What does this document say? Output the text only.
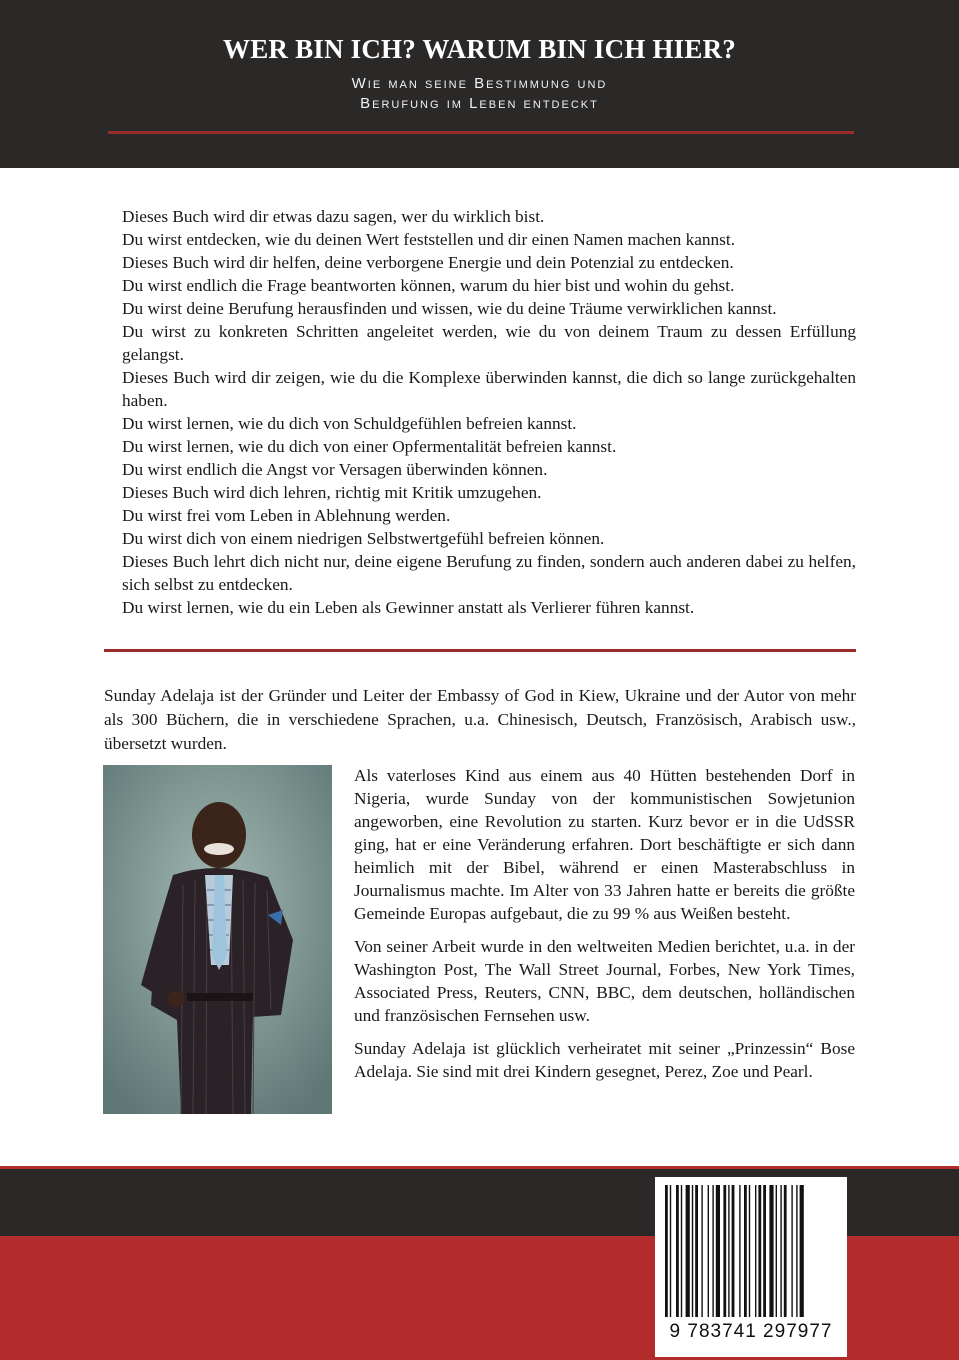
WER BIN ICH? WARUM BIN ICH HIER?
Wie man seine Bestimmung und
Berufung im Leben entdeckt

Dieses Buch wird dir etwas dazu sagen, wer du wirklich bist.

Du wirst entdecken, wie du deinen Wert feststellen und dir einen Namen machen kannst.

Dieses Buch wird dir helfen, deine verborgene Energie und dein Potenzial zu entdecken.

Du wirst endlich die Frage beantworten können, warum du hier bist und wohin du gehst.

Du wirst deine Berufung herausfinden und wissen, wie du deine Träume verwirklichen kannst.

Du wirst zu konkreten Schritten angeleitet werden, wie du von deinem Traum zu dessen Erfüllung gelangst.

Dieses Buch wird dir zeigen, wie du die Komplexe überwinden kannst, die dich so lange zurückgehalten haben.

Du wirst lernen, wie du dich von Schuldgefühlen befreien kannst.

Du wirst lernen, wie du dich von einer Opfermentalität befreien kannst.

Du wirst endlich die Angst vor Versagen überwinden können.

Dieses Buch wird dich lehren, richtig mit Kritik umzugehen.

Du wirst frei vom Leben in Ablehnung werden.

Du wirst dich von einem niedrigen Selbstwertgefühl befreien können.

Dieses Buch lehrt dich nicht nur, deine eigene Berufung zu finden, sondern auch anderen dabei zu helfen, sich selbst zu entdecken.

Du wirst lernen, wie du ein Leben als Gewinner anstatt als Verlierer führen kannst.

Sunday Adelaja ist der Gründer und Leiter der Embassy of God in Kiew, Ukraine und der Autor von mehr als 300 Büchern, die in verschiedene Sprachen, u.a. Chinesisch, Deutsch, Französisch, Arabisch usw., übersetzt wurden.

Als vaterloses Kind aus einem aus 40 Hütten bestehenden Dorf in Nigeria, wurde Sunday von der kommunistischen Sowjetunion angeworben, eine Revolution zu starten. Kurz bevor er in die UdSSR ging, hat er eine Veränderung erfahren. Dort beschäftigte er sich dann heimlich mit der Bibel, während er einen Masterabschluss in Journalismus machte. Im Alter von 33 Jahren hatte er bereits die größte Gemeinde Europas aufgebaut, die zu 99 % aus Weißen besteht.

Von seiner Arbeit wurde in den weltweiten Medien berichtet, u.a. in der Washington Post, The Wall Street Journal, Forbes, New York Times, Associated Press, Reuters, CNN, BBC, dem deutschen, holländischen und französischen Fernsehen usw.

Sunday Adelaja ist glücklich verheiratet mit seiner „Prinzessin“ Bose Adelaja. Sie sind mit drei Kindern gesegnet, Perez, Zoe und Pearl.

9 783741 297977
